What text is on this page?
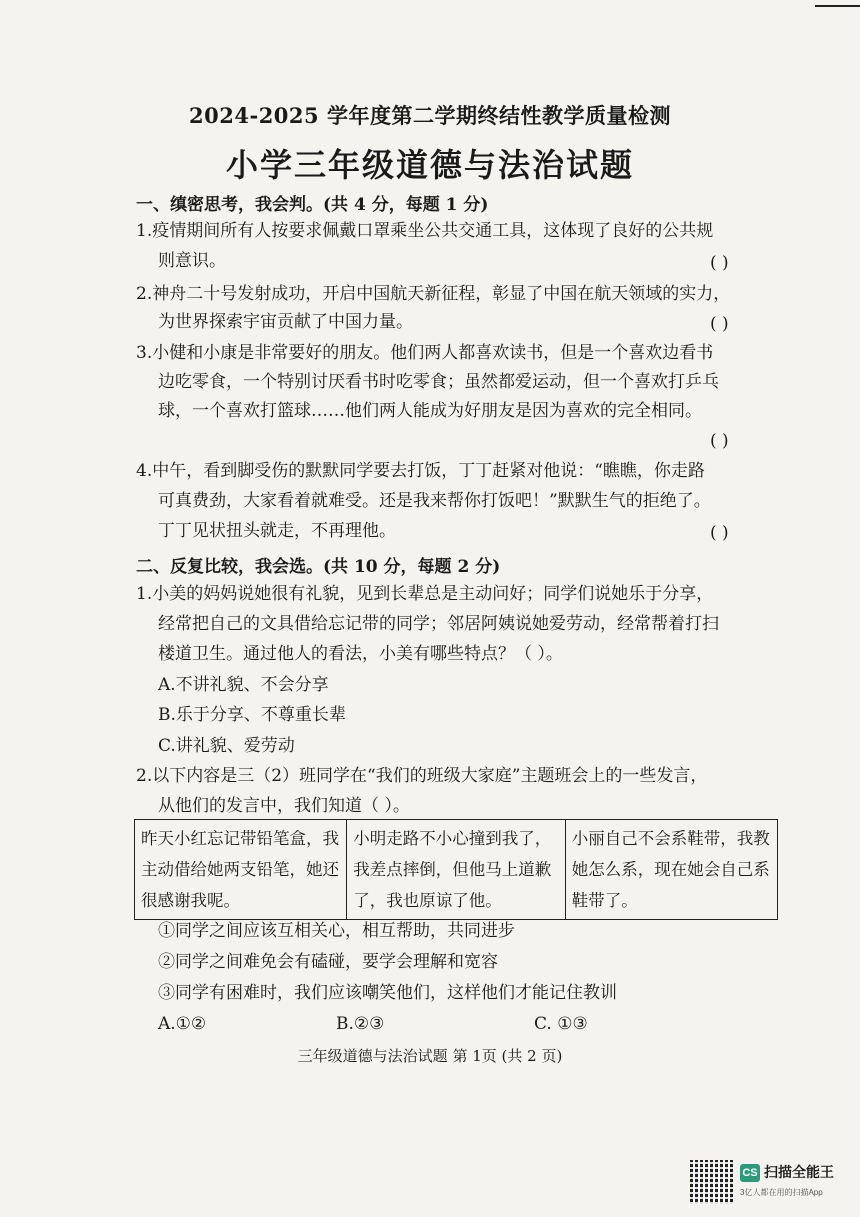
2024-2025 学年度第二学期终结性教学质量检测
小学三年级道德与法治试题
一、缜密思考，我会判。(共 4 分，每题 1 分)
1.疫情期间所有人按要求佩戴口罩乘坐公共交通工具，这体现了良好的公共规
则意识。	( )
2.神舟二十号发射成功，开启中国航天新征程，彰显了中国在航天领域的实力，
为世界探索宇宙贡献了中国力量。	( )
3.小健和小康是非常要好的朋友。他们两人都喜欢读书，但是一个喜欢边看书
边吃零食，一个特别讨厌看书时吃零食；虽然都爱运动，但一个喜欢打乒乓
球，一个喜欢打篮球……他们两人能成为好朋友是因为喜欢的完全相同。
( )
4.中午，看到脚受伤的默默同学要去打饭，丁丁赶紧对他说：“瞧瞧，你走路
可真费劲，大家看着就难受。还是我来帮你打饭吧！”默默生气的拒绝了。
丁丁见状扭头就走，不再理他。	( )
二、反复比较，我会选。(共 10 分，每题 2 分)
1.小美的妈妈说她很有礼貌，见到长辈总是主动问好；同学们说她乐于分享，
经常把自己的文具借给忘记带的同学；邻居阿姨说她爱劳动，经常帮着打扫
楼道卫生。通过他人的看法，小美有哪些特点？（ ）。
A.不讲礼貌、不会分享
B.乐于分享、不尊重长辈
C.讲礼貌、爱劳动
2.以下内容是三（2）班同学在“我们的班级大家庭”主题班会上的一些发言，
从他们的发言中，我们知道（ ）。
昨天小红忘记带铅笔盒，我主动借给她两支铅笔，她还很感谢我呢。	小明走路不小心撞到我了，我差点摔倒，但他马上道歉了，我也原谅了他。	小丽自己不会系鞋带，我教她怎么系，现在她会自己系鞋带了。
①同学之间应该互相关心，相互帮助，共同进步
②同学之间难免会有磕碰，要学会理解和宽容
③同学有困难时，我们应该嘲笑他们，这样他们才能记住教训
A.①②	B.②③	C. ①③
三年级道德与法治试题 第 1页 (共 2 页)
CS 扫描全能王
3亿人都在用的扫描App
